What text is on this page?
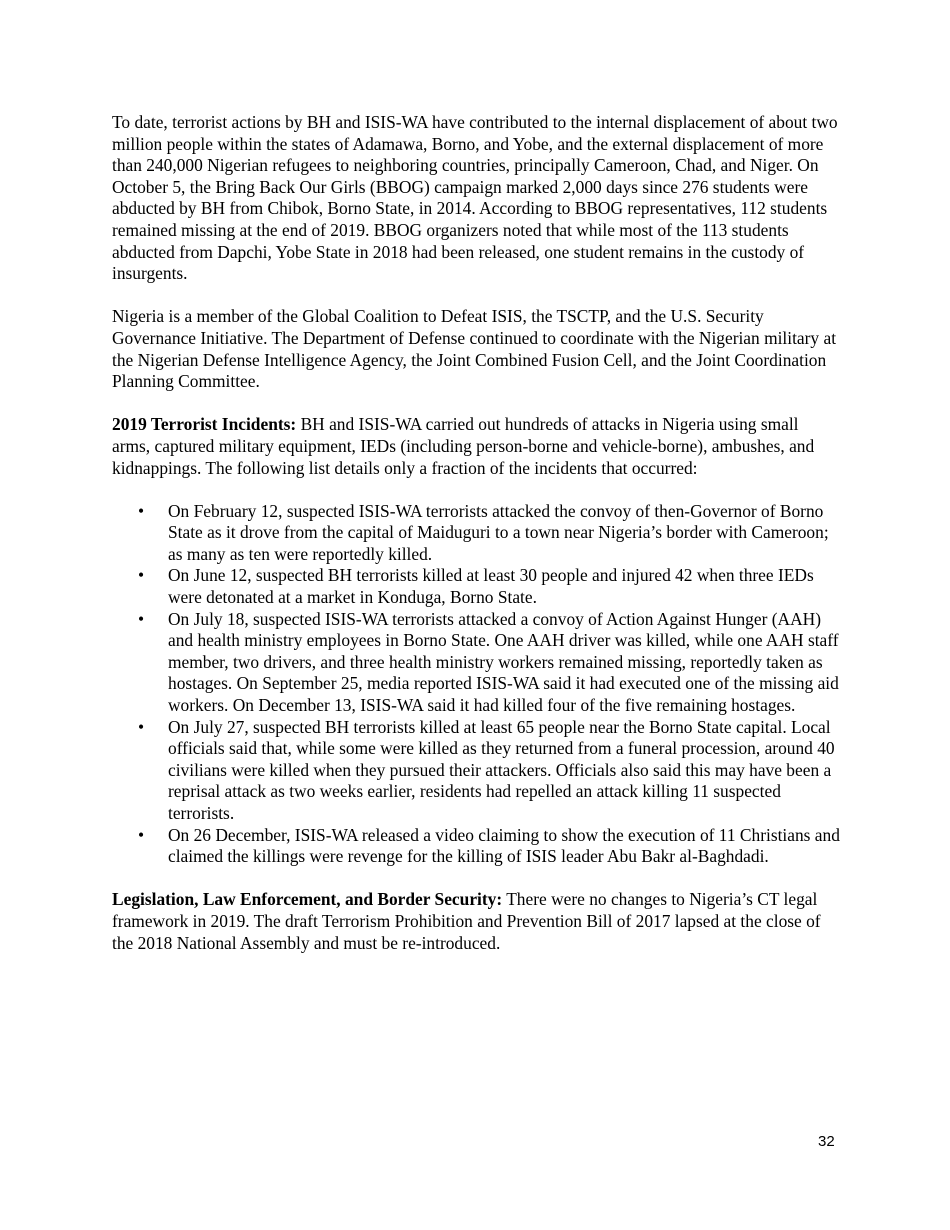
To date, terrorist actions by BH and ISIS-WA have contributed to the internal displacement of about two million people within the states of Adamawa, Borno, and Yobe, and the external displacement of more than 240,000 Nigerian refugees to neighboring countries, principally Cameroon, Chad, and Niger. On October 5, the Bring Back Our Girls (BBOG) campaign marked 2,000 days since 276 students were abducted by BH from Chibok, Borno State, in 2014. According to BBOG representatives, 112 students remained missing at the end of 2019. BBOG organizers noted that while most of the 113 students abducted from Dapchi, Yobe State in 2018 had been released, one student remains in the custody of insurgents.

Nigeria is a member of the Global Coalition to Defeat ISIS, the TSCTP, and the U.S. Security Governance Initiative. The Department of Defense continued to coordinate with the Nigerian military at the Nigerian Defense Intelligence Agency, the Joint Combined Fusion Cell, and the Joint Coordination Planning Committee.

2019 Terrorist Incidents: BH and ISIS-WA carried out hundreds of attacks in Nigeria using small arms, captured military equipment, IEDs (including person-borne and vehicle-borne), ambushes, and kidnappings. The following list details only a fraction of the incidents that occurred:

• On February 12, suspected ISIS-WA terrorists attacked the convoy of then-Governor of Borno State as it drove from the capital of Maiduguri to a town near Nigeria’s border with Cameroon; as many as ten were reportedly killed.
• On June 12, suspected BH terrorists killed at least 30 people and injured 42 when three IEDs were detonated at a market in Konduga, Borno State.
• On July 18, suspected ISIS-WA terrorists attacked a convoy of Action Against Hunger (AAH) and health ministry employees in Borno State. One AAH driver was killed, while one AAH staff member, two drivers, and three health ministry workers remained missing, reportedly taken as hostages. On September 25, media reported ISIS-WA said it had executed one of the missing aid workers. On December 13, ISIS-WA said it had killed four of the five remaining hostages.
• On July 27, suspected BH terrorists killed at least 65 people near the Borno State capital. Local officials said that, while some were killed as they returned from a funeral procession, around 40 civilians were killed when they pursued their attackers. Officials also said this may have been a reprisal attack as two weeks earlier, residents had repelled an attack killing 11 suspected terrorists.
• On 26 December, ISIS-WA released a video claiming to show the execution of 11 Christians and claimed the killings were revenge for the killing of ISIS leader Abu Bakr al-Baghdadi.

Legislation, Law Enforcement, and Border Security: There were no changes to Nigeria’s CT legal framework in 2019. The draft Terrorism Prohibition and Prevention Bill of 2017 lapsed at the close of the 2018 National Assembly and must be re-introduced.

32
